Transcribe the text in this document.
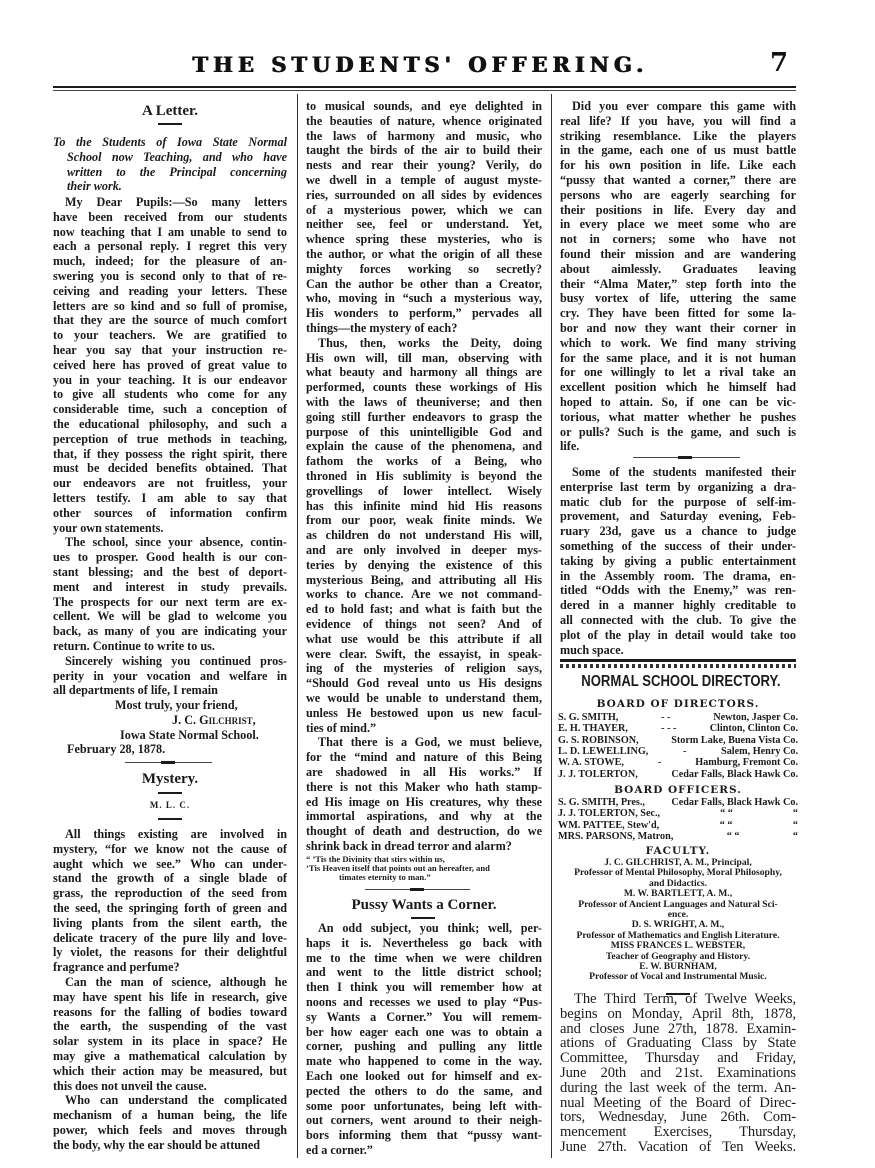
THE STUDENTS' OFFERING.	7
A Letter.
Most truly, your friend,
J. C. Gilchrist,
Iowa State Normal School.
February 28, 1878.
Mystery.
M. L. C.
Pussy Wants a Corner.
NORMAL SCHOOL DIRECTORY.
BOARD OF DIRECTORS.
BOARD OFFICERS.
FACULTY.
To the Students of Iowa State Normal
School now Teaching, and who have
written to the Principal concerning
their work.
My Dear Pupils:—So many letters
have been received from our students
now teaching that I am unable to send to
each a personal reply. I regret this very
much, indeed; for the pleasure of an-
swering you is second only to that of re-
ceiving and reading your letters. These
letters are so kind and so full of promise,
that they are the source of much comfort
to your teachers. We are gratified to
hear you say that your instruction re-
ceived here has proved of great value to
you in your teaching. It is our endeavor
to give all students who come for any
considerable time, such a conception of
the educational philosophy, and such a
perception of true methods in teaching,
that, if they possess the right spirit, there
must be decided benefits obtained. That
our endeavors are not fruitless, your
letters testify. I am able to say that
other sources of information confirm
your own statements.
The school, since your absence, contin-
ues to prosper. Good health is our con-
stant blessing; and the best of deport-
ment and interest in study prevails.
The prospects for our next term are ex-
cellent. We will be glad to welcome you
back, as many of you are indicating your
return. Continue to write to us.
Sincerely wishing you continued pros-
perity in your vocation and welfare in
all departments of life, I remain
All things existing are involved in
mystery, “for we know not the cause of
aught which we see.” Who can under-
stand the growth of a single blade of
grass, the reproduction of the seed from
the seed, the springing forth of green and
living plants from the silent earth, the
delicate tracery of the pure lily and love-
ly violet, the reasons for their delightful
fragrance and perfume?
Can the man of science, although he
may have spent his life in research, give
reasons for the falling of bodies toward
the earth, the suspending of the vast
solar system in its place in space? He
may give a mathematical calculation by
which their action may be measured, but
this does not unveil the cause.
Who can understand the complicated
mechanism of a human being, the life
power, which feels and moves through
the body, why the ear should be attuned
to musical sounds, and eye delighted in
the beauties of nature, whence originated
the laws of harmony and music, who
taught the birds of the air to build their
nests and rear their young? Verily, do
we dwell in a temple of august myste-
ries, surrounded on all sides by evidences
of a mysterious power, which we can
neither see, feel or understand. Yet,
whence spring these mysteries, who is
the author, or what the origin of all these
mighty forces working so secretly?
Can the author be other than a Creator,
who, moving in “such a mysterious way,
His wonders to perform,” pervades all
things—the mystery of each?
Thus, then, works the Deity, doing
His own will, till man, observing with
what beauty and harmony all things are
performed, counts these workings of His
with the laws of theuniverse; and then
going still further endeavors to grasp the
purpose of this unintelligible God and
explain the cause of the phenomena, and
fathom the works of a Being, who
throned in His sublimity is beyond the
grovellings of lower intellect. Wisely
has this infinite mind hid His reasons
from our poor, weak finite minds. We
as children do not understand His will,
and are only involved in deeper mys-
teries by denying the existence of this
mysterious Being, and attributing all His
works to chance. Are we not command-
ed to hold fast; and what is faith but the
evidence of things not seen? And of
what use would be this attribute if all
were clear. Swift, the essayist, in speak-
ing of the mysteries of religion says,
“Should God reveal unto us His designs
we would be unable to understand them,
unless He bestowed upon us new facul-
ties of mind.”
That there is a God, we must believe,
for the “mind and nature of this Being
are shadowed in all His works.” If
there is not this Maker who hath stamp-
ed His image on His creatures, why these
immortal aspirations, and why at the
thought of death and destruction, do we
shrink back in dread terror and alarm?
“ ’Tis the Divinity that stirs within us,
’Tis Heaven itself that points out an hereafter, and
timates eternity to man.”
An odd subject, you think; well, per-
haps it is. Nevertheless go back with
me to the time when we were children
and went to the little district school;
then I think you will remember how at
noons and recesses we used to play “Pus-
sy Wants a Corner.” You will remem-
ber how eager each one was to obtain a
corner, pushing and pulling any little
mate who happened to come in the way.
Each one looked out for himself and ex-
pected the others to do the same, and
some poor unfortunates, being left with-
out corners, went around to their neigh-
bors informing them that “pussy want-
ed a corner.”
Did you ever compare this game with
real life? If you have, you will find a
striking resemblance. Like the players
in the game, each one of us must battle
for his own position in life. Like each
“pussy that wanted a corner,” there are
persons who are eagerly searching for
their positions in life. Every day and
in every place we meet some who are
not in corners; some who have not
found their mission and are wandering
about aimlessly. Graduates leaving
their “Alma Mater,” step forth into the
busy vortex of life, uttering the same
cry. They have been fitted for some la-
bor and now they want their corner in
which to work. We find many striving
for the same place, and it is not human
for one willingly to let a rival take an
excellent position which he himself had
hoped to attain. So, if one can be vic-
torious, what matter whether he pushes
or pulls? Such is the game, and such is
life.
Some of the students manifested their
enterprise last term by organizing a dra-
matic club for the purpose of self-im-
provement, and Saturday evening, Feb-
ruary 23d, gave us a chance to judge
something of the success of their under-
taking by giving a public entertainment
in the Assembly room. The drama, en-
titled “Odds with the Enemy,” was ren-
dered in a manner highly creditable to
all connected with the club. To give the
plot of the play in detail would take too
much space.
The Third Term, of Twelve Weeks,
begins on Monday, April 8th, 1878,
and closes June 27th, 1878. Examin-
ations of Graduating Class by State
Committee, Thursday and Friday,
June 20th and 21st. Examinations
during the last week of the term. An-
nual Meeting of the Board of Direc-
tors, Wednesday, June 26th. Com-
mencement Exercises, Thursday,
June 27th. Vacation of Ten Weeks.
S. G. SMITH,	- -	Newton, Jasper Co.
E. H. THAYER,	- - -	Clinton, Clinton Co.
G. S. ROBINSON,	Storm Lake, Buena Vista Co.
L. D. LEWELLING,	-	Salem, Henry Co.
W. A. STOWE,	-	Hamburg, Fremont Co.
J. J. TOLERTON,	Cedar Falls, Black Hawk Co.
S. G. SMITH, Pres.,	Cedar Falls, Black Hawk Co.
J. J. TOLERTON, Sec.,	“ “	“
WM. PATTEE, Stew'd,	“ “	“
MRS. PARSONS, Matron,	“ “	“
J. C. GILCHRIST, A. M., Principal,
Professor of Mental Philosophy, Moral Philosophy,
and Didactics.
M. W. BARTLETT, A. M.,
Professor of Ancient Languages and Natural Sci-
ence.
D. S. WRIGHT, A. M.,
Professor of Mathematics and English Literature.
MISS FRANCES L. WEBSTER,
Teacher of Geography and History.
E. W. BURNHAM,
Professor of Vocal and Instrumental Music.
